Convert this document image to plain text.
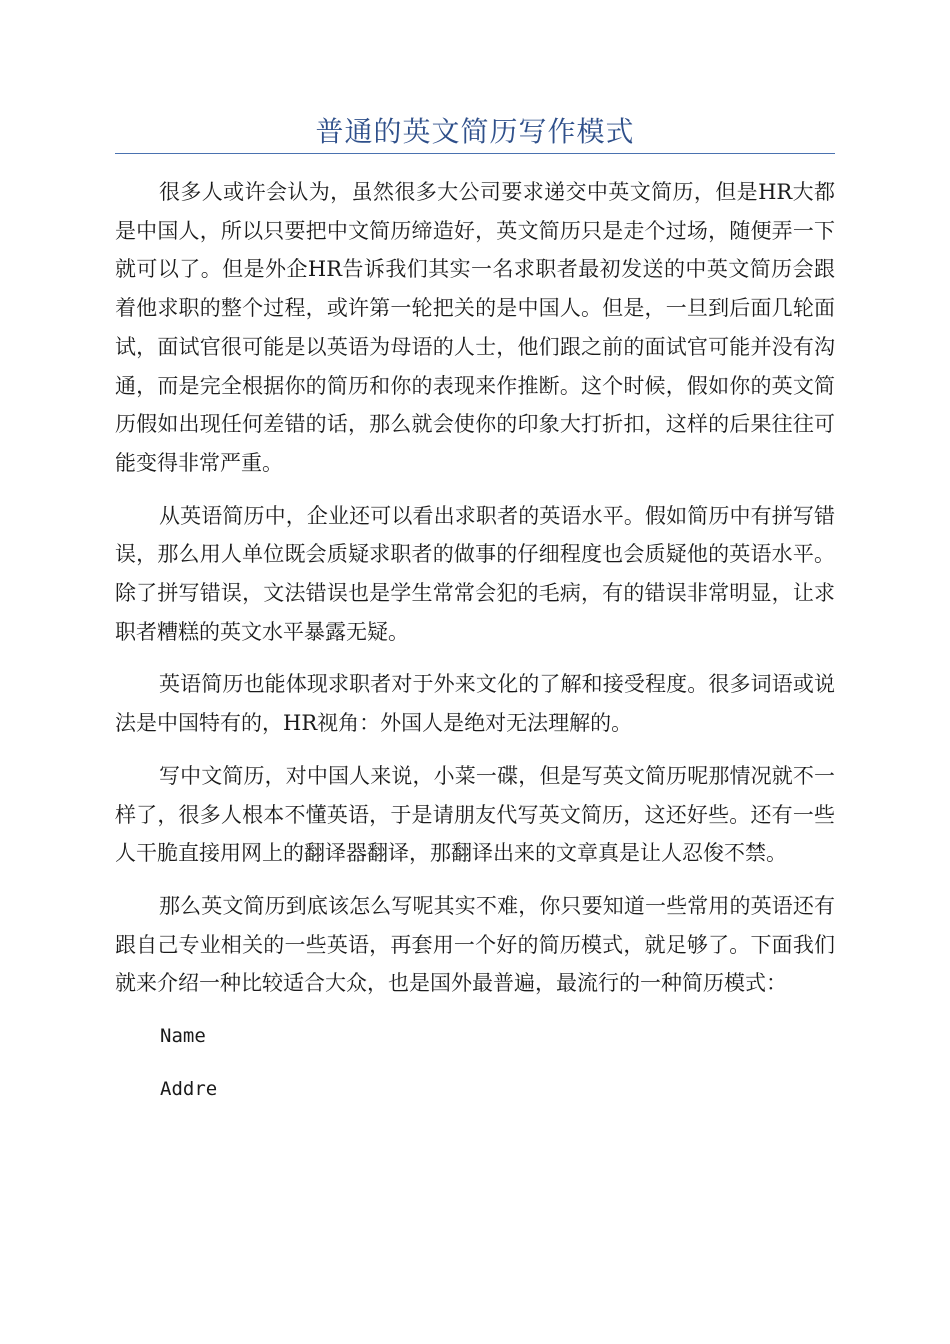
普通的英文简历写作模式

很多人或许会认为，虽然很多大公司要求递交中英文简历，但是HR大都是中国人，所以只要把中文简历缔造好，英文简历只是走个过场，随便弄一下就可以了。但是外企HR告诉我们其实一名求职者最初发送的中英文简历会跟着他求职的整个过程，或许第一轮把关的是中国人。但是，一旦到后面几轮面试，面试官很可能是以英语为母语的人士，他们跟之前的面试官可能并没有沟通，而是完全根据你的简历和你的表现来作推断。这个时候，假如你的英文简历假如出现任何差错的话，那么就会使你的印象大打折扣，这样的后果往往可能变得非常严重。

从英语简历中，企业还可以看出求职者的英语水平。假如简历中有拼写错误，那么用人单位既会质疑求职者的做事的仔细程度也会质疑他的英语水平。除了拼写错误，文法错误也是学生常常会犯的毛病，有的错误非常明显，让求职者糟糕的英文水平暴露无疑。

英语简历也能体现求职者对于外来文化的了解和接受程度。很多词语或说法是中国特有的，HR视角：外国人是绝对无法理解的。

写中文简历，对中国人来说，小菜一碟，但是写英文简历呢那情况就不一样了，很多人根本不懂英语，于是请朋友代写英文简历，这还好些。还有一些人干脆直接用网上的翻译器翻译，那翻译出来的文章真是让人忍俊不禁。

那么英文简历到底该怎么写呢其实不难，你只要知道一些常用的英语还有跟自己专业相关的一些英语，再套用一个好的简历模式，就足够了。下面我们就来介绍一种比较适合大众，也是国外最普遍，最流行的一种简历模式：

Name
Addre
